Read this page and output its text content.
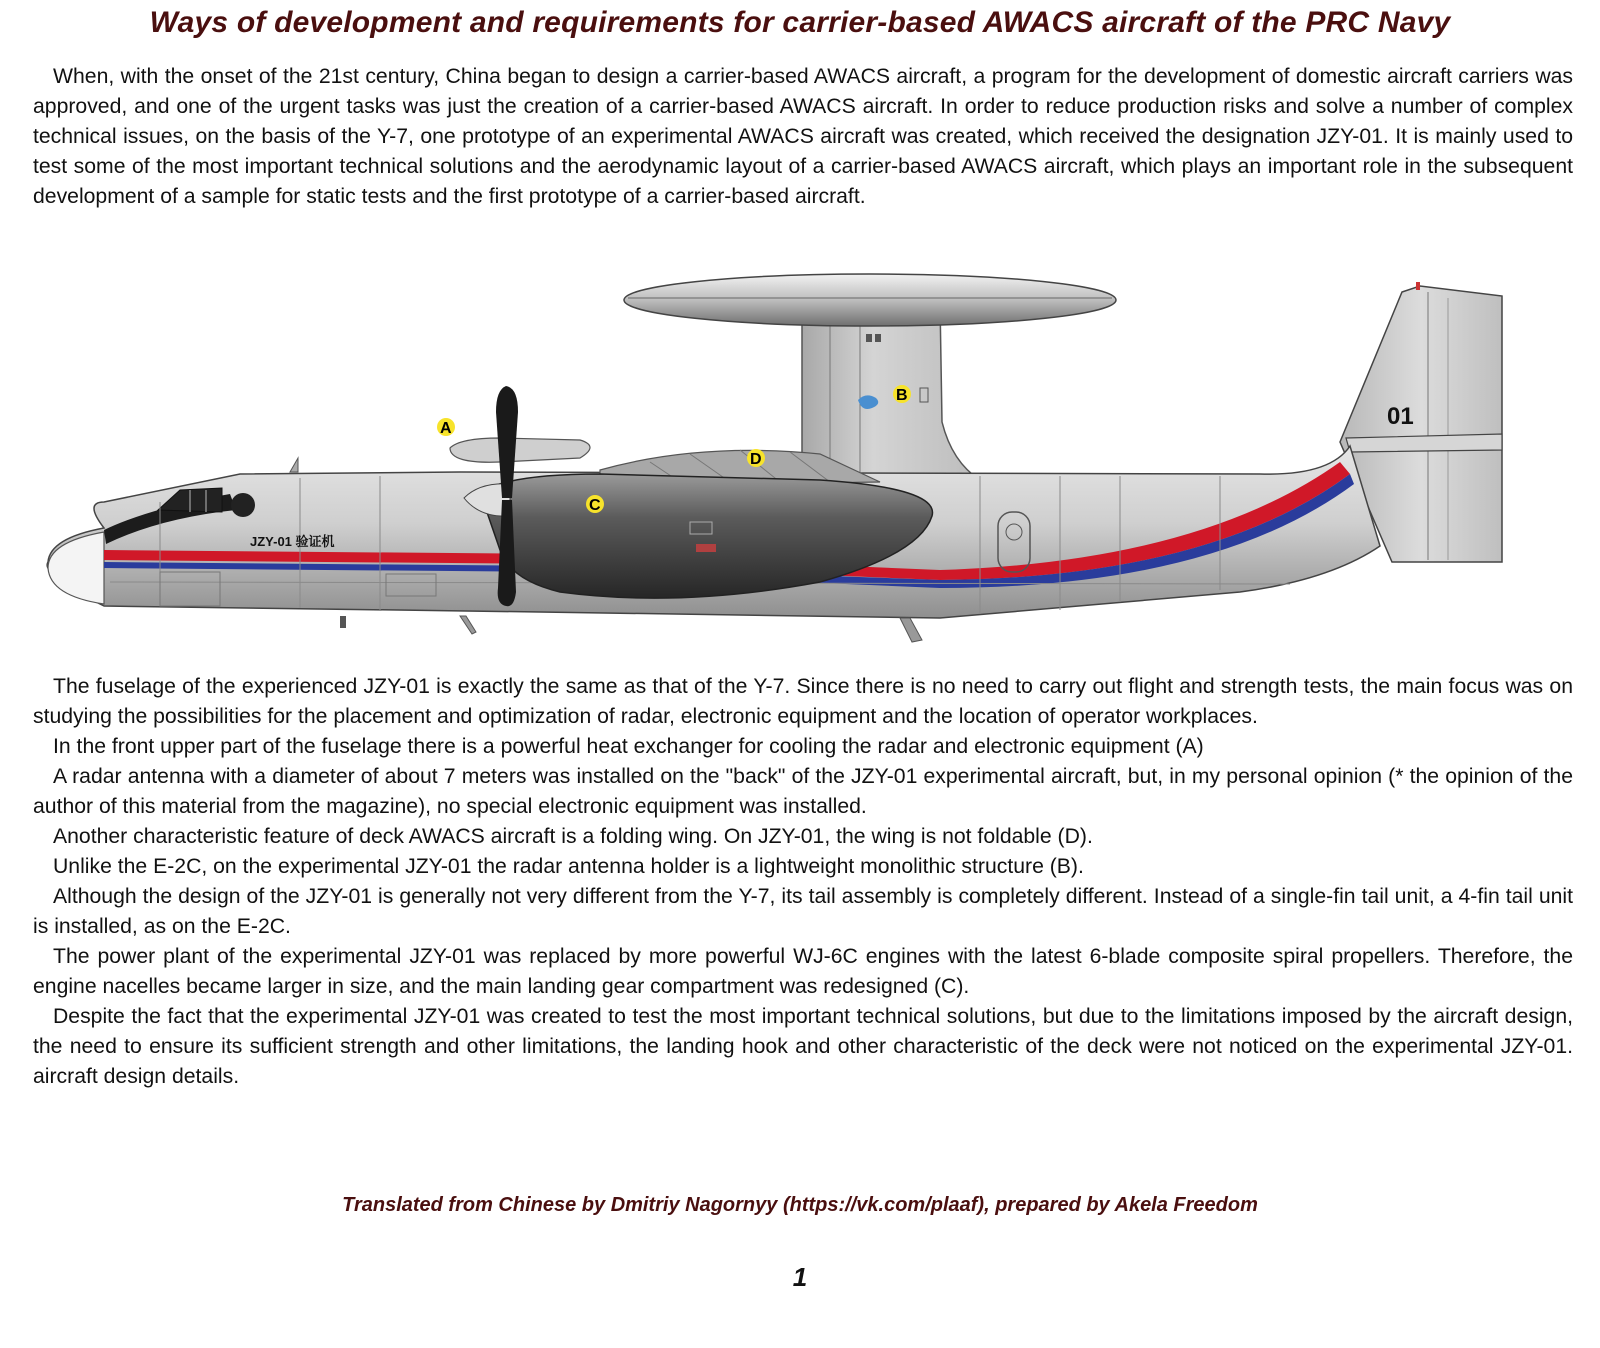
Ways of development and requirements for carrier-based AWACS aircraft of the PRC Navy

When, with the onset of the 21st century, China began to design a carrier-based AWACS aircraft, a program for the development of domestic aircraft carriers was approved, and one of the urgent tasks was just the creation of a carrier-based AWACS aircraft. In order to reduce production risks and solve a number of complex technical issues, on the basis of the Y-7, one prototype of an experimental AWACS aircraft was created, which received the designation JZY-01. It is mainly used to test some of the most important technical solutions and the aerodynamic layout of a carrier-based AWACS aircraft, which plays an important role in the subsequent development of a sample for static tests and the first prototype of a carrier-based aircraft.

01
JZY-01 验证机
A
B
C
D

The fuselage of the experienced JZY-01 is exactly the same as that of the Y-7. Since there is no need to carry out flight and strength tests, the main focus was on studying the possibilities for the placement and optimization of radar, electronic equipment and the location of operator workplaces.

In the front upper part of the fuselage there is a powerful heat exchanger for cooling the radar and electronic equipment (A)

A radar antenna with a diameter of about 7 meters was installed on the "back" of the JZY-01 experimental aircraft, but, in my personal opinion (* the opinion of the author of this material from the magazine), no special electronic equipment was installed.

Another characteristic feature of deck AWACS aircraft is a folding wing. On JZY-01, the wing is not foldable (D).

Unlike the E-2C, on the experimental JZY-01 the radar antenna holder is a lightweight monolithic structure (B).

Although the design of the JZY-01 is generally not very different from the Y-7, its tail assembly is completely different. Instead of a single-fin tail unit, a 4-fin tail unit is installed, as on the E-2C.

The power plant of the experimental JZY-01 was replaced by more powerful WJ-6C engines with the latest 6-blade composite spiral propellers. Therefore, the engine nacelles became larger in size, and the main landing gear compartment was redesigned (C).

Despite the fact that the experimental JZY-01 was created to test the most important technical solutions, but due to the limitations imposed by the aircraft design, the need to ensure its sufficient strength and other limitations, the landing hook and other characteristic of the deck were not noticed on the experimental JZY-01. aircraft design details.

Translated from Chinese by Dmitriy Nagornyy (https://vk.com/plaaf), prepared by Akela Freedom
1
